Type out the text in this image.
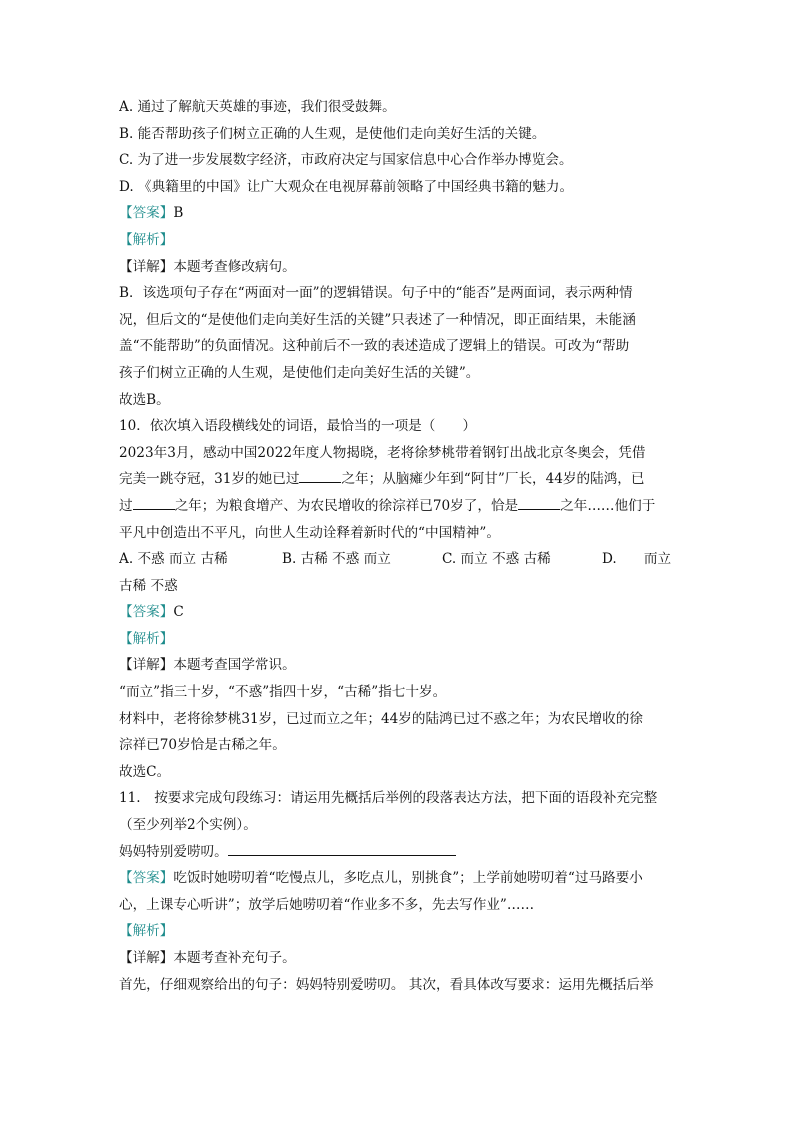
A. 通过了解航天英雄的事迹，我们很受鼓舞。
B. 能否帮助孩子们树立正确的人生观，是使他们走向美好生活的关键。
C. 为了进一步发展数字经济，市政府决定与国家信息中心合作举办博览会。
D. 《典籍里的中国》让广大观众在电视屏幕前领略了中国经典书籍的魅力。
【答案】B
【解析】
【详解】本题考查修改病句。
B．该选项句子存在“两面对一面”的逻辑错误。句子中的“能否”是两面词，表示两种情
况，但后文的“是使他们走向美好生活的关键”只表述了一种情况，即正面结果，未能涵
盖“不能帮助”的负面情况。这种前后不一致的表述造成了逻辑上的错误。可改为“帮助
孩子们树立正确的人生观，是使他们走向美好生活的关键”。
故选B。
10．依次填入语段横线处的词语，最恰当的一项是（　　）
2023年3月，感动中国2022年度人物揭晓，老将徐梦桃带着钢钉出战北京冬奥会，凭借
完美一跳夺冠，31岁的她已过	之年；从脑瘫少年到“阿甘”厂长，44岁的陆鸿，已
过	之年；为粮食增产、为农民增收的徐淙祥已70岁了，恰是	之年……他们于
平凡中创造出不平凡，向世人生动诠释着新时代的“中国精神”。
A. 不惑 而立 古稀	B. 古稀 不惑 而立	C. 而立 不惑 古稀	D.　　而立
古稀 不惑
【答案】C
【解析】
【详解】本题考查国学常识。
“而立”指三十岁，“不惑”指四十岁，“古稀”指七十岁。
材料中，老将徐梦桃31岁，已过而立之年；44岁的陆鸿已过不惑之年；为农民增收的徐
淙祥已70岁恰是古稀之年。
故选C。
11.　按要求完成句段练习：请运用先概括后举例的段落表达方法，把下面的语段补充完整
（至少列举2个实例）。
妈妈特别爱唠叨。
【答案】吃饭时她唠叨着“吃慢点儿，多吃点儿，别挑食”；上学前她唠叨着“过马路要小
心，上课专心听讲”；放学后她唠叨着“作业多不多，先去写作业”……
【解析】
【详解】本题考查补充句子。
首先，仔细观察给出的句子：妈妈特别爱唠叨。 其次，看具体改写要求：运用先概括后举
